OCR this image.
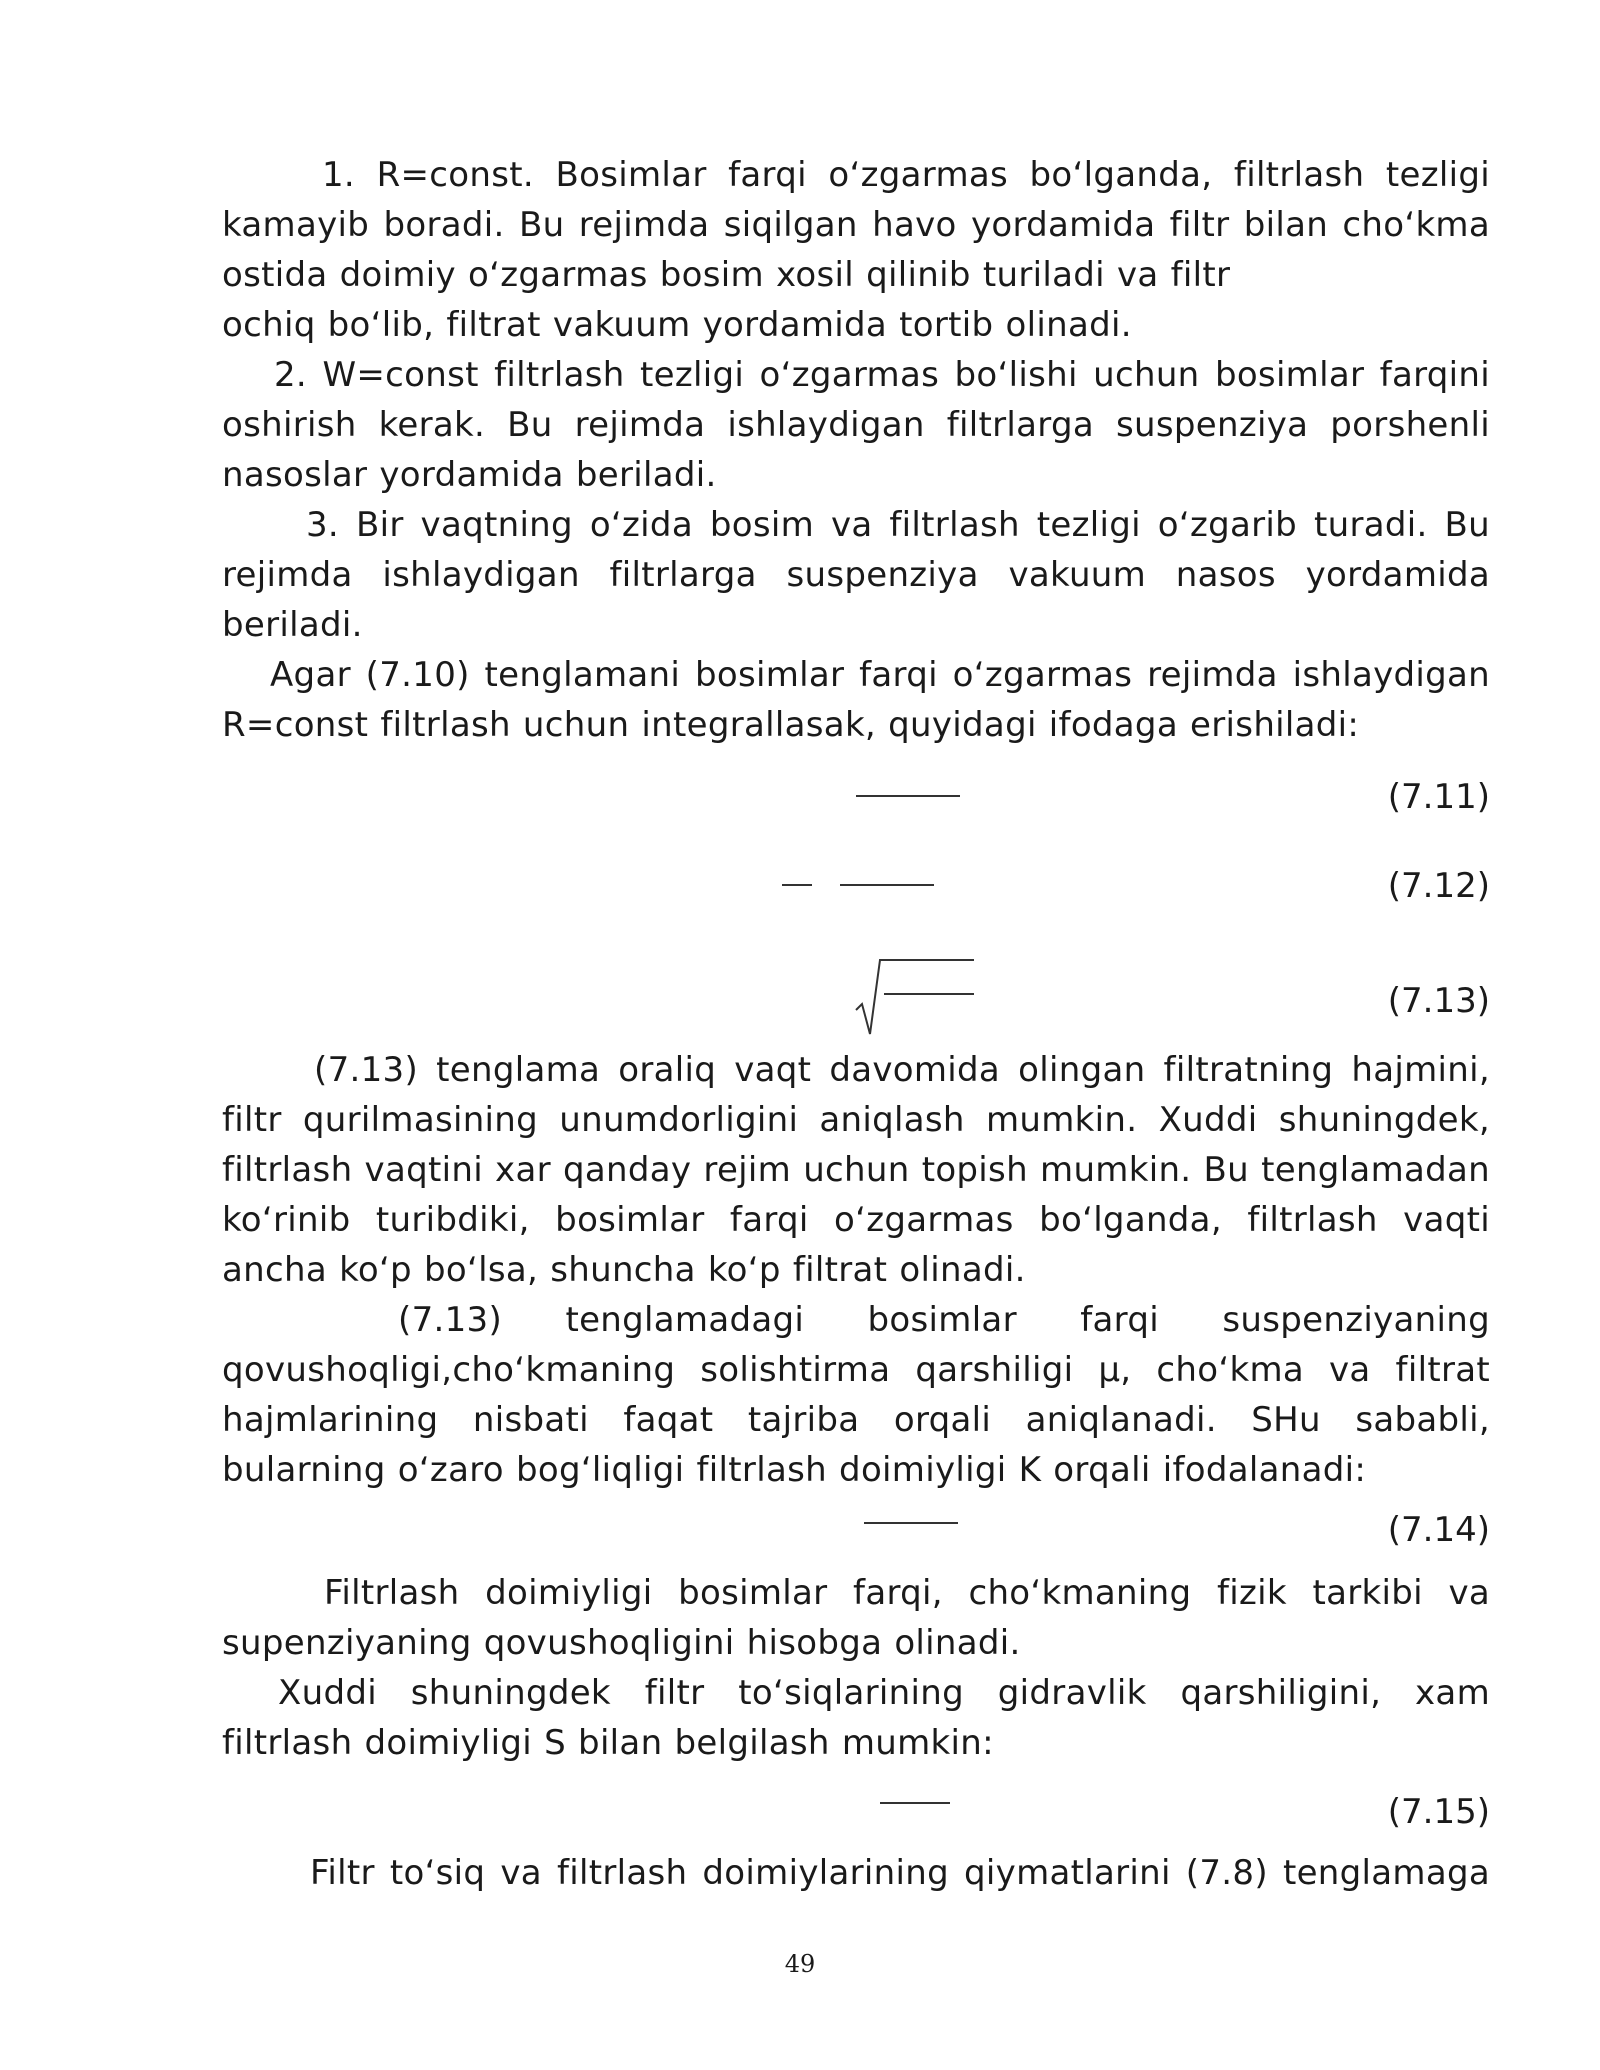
1. R=const. Bosimlar farqi o‘zgarmas bo‘lganda, filtrlash tezligi kamayib boradi. Bu rejimda siqilgan havo yordamida filtr bilan cho‘kma ostida doimiy o‘zgarmas bosim xosil qilinib turiladi va filtr

ochiq bo‘lib, filtrat vakuum yordamida tortib olinadi.

2. W=const filtrlash tezligi o‘zgarmas bo‘lishi uchun bosimlar farqini oshirish kerak. Bu rejimda ishlaydigan filtrlarga suspenziya porshenli nasoslar yordamida beriladi.

3. Bir vaqtning o‘zida bosim va filtrlash tezligi o‘zgarib turadi. Bu rejimda ishlaydigan filtrlarga suspenziya vakuum nasos yordamida beriladi.

Agar (7.10) tenglamani bosimlar farqi o‘zgarmas rejimda ishlaydigan R=const filtrlash uchun integrallasak, quyidagi ifodaga erishiladi:

(7.11)
(7.12)
(7.13)

(7.13) tenglama oraliq vaqt davomida olingan filtratning hajmini, filtr qurilmasining unumdorligini aniqlash mumkin. Xuddi shuningdek, filtrlash vaqtini xar qanday rejim uchun topish mumkin. Bu tenglamadan ko‘rinib turibdiki, bosimlar farqi o‘zgarmas bo‘lganda, filtrlash vaqti ancha ko‘p bo‘lsa, shuncha ko‘p filtrat olinadi.

(7.13) tenglamadagi bosimlar farqi suspenziyaning qovushoqligi,cho‘kmaning solishtirma qarshiligi µ, cho‘kma va filtrat hajmlarining nisbati faqat tajriba orqali aniqlanadi. SHu sababli, bularning o‘zaro bog‘liqligi filtrlash doimiyligi K orqali ifodalanadi:

(7.14)

Filtrlash doimiyligi bosimlar farqi, cho‘kmaning fizik tarkibi va supenziyaning qovushoqligini hisobga olinadi.

Xuddi shuningdek filtr to‘siqlarining gidravlik qarshiligini, xam filtrlash doimiyligi S bilan belgilash mumkin:

(7.15)

Filtr to‘siq va filtrlash doimiylarining qiymatlarini (7.8) tenglamaga

49
